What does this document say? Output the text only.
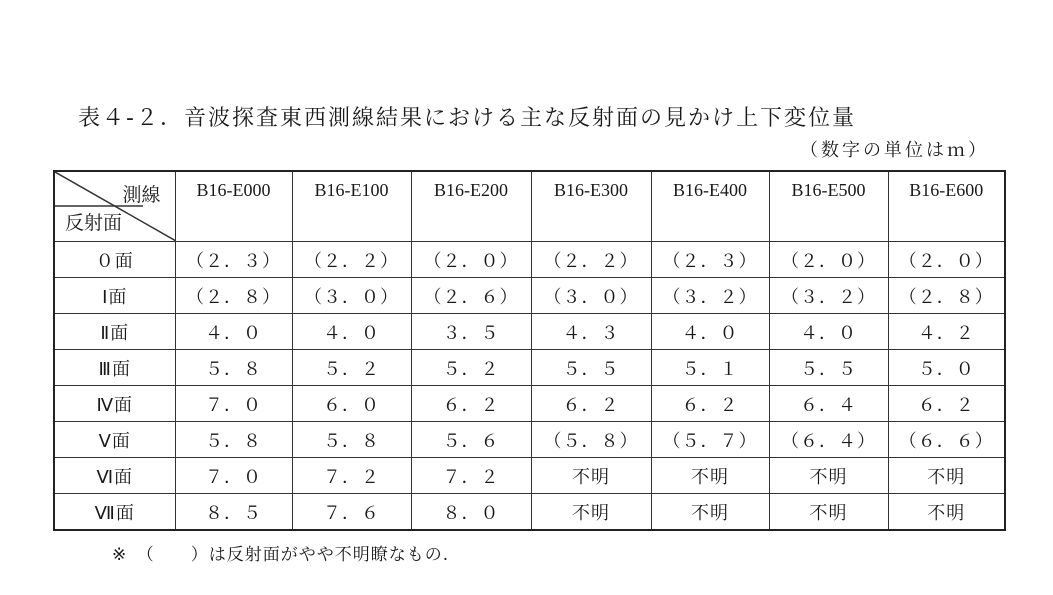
表４-２．音波探査東西測線結果における主な反射面の見かけ上下変位量
（数字の単位はｍ）
測線
反射面	B16-E000	B16-E100	B16-E200	B16-E300	B16-E400	B16-E500	B16-E600
０面	（２．３）	（２．２）	（２．０）	（２．２）	（２．３）	（２．０）	（２．０）
Ⅰ面	（２．８）	（３．０）	（２．６）	（３．０）	（３．２）	（３．２）	（２．８）
Ⅱ面	４．０	４．０	３．５	４．３	４．０	４．０	４．２
Ⅲ面	５．８	５．２	５．２	５．５	５．１	５．５	５．０
Ⅳ面	７．０	６．０	６．２	６．２	６．２	６．４	６．２
Ⅴ面	５．８	５．８	５．６	（５．８）	（５．７）	（６．４）	（６．６）
Ⅵ面	７．０	７．２	７．２	不明	不明	不明	不明
Ⅶ面	８．５	７．６	８．０	不明	不明	不明	不明
※　（　　）は反射面がやや不明瞭なもの.
